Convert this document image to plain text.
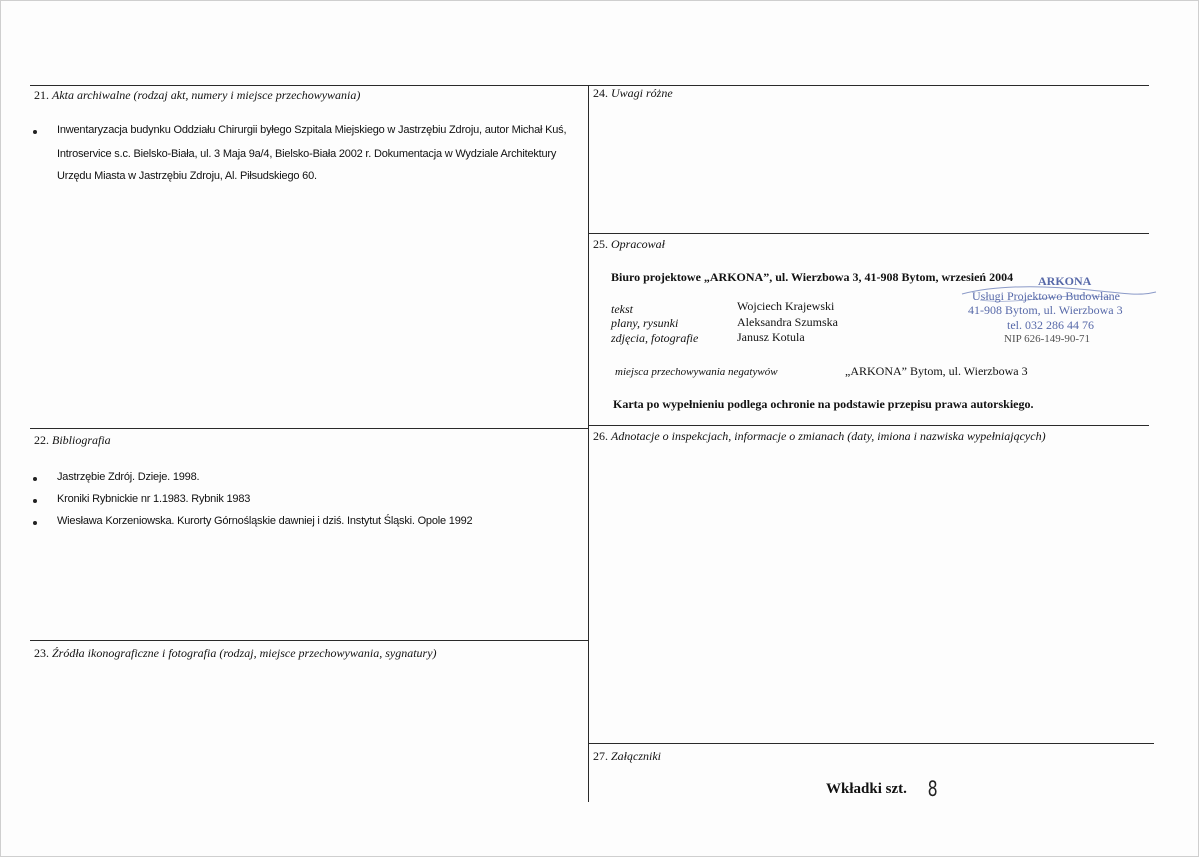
21. Akta archiwalne (rodzaj akt, numery i miejsce przechowywania)
Inwentaryzacja budynku Oddziału Chirurgii byłego Szpitala Miejskiego w Jastrzębiu Zdroju, autor Michał Kuś,
Introservice s.c. Bielsko-Biała, ul. 3 Maja 9a/4, Bielsko-Biała 2002 r. Dokumentacja w Wydziale Architektury
Urzędu Miasta w Jastrzębiu Zdroju, Al. Piłsudskiego 60.
22. Bibliografia
Jastrzębie Zdrój. Dzieje. 1998.
Kroniki Rybnickie nr 1.1983. Rybnik 1983
Wiesława Korzeniowska. Kurorty Górnośląskie dawniej i dziś. Instytut Śląski. Opole 1992
23. Źródła ikonograficzne i fotografia (rodzaj, miejsce przechowywania, sygnatury)
24. Uwagi różne
25. Opracował
Biuro projektowe „ARKONA”, ul. Wierzbowa 3, 41-908 Bytom, wrzesień 2004
tekst	Wojciech Krajewski
plany, rysunki	Aleksandra Szumska
zdjęcia, fotografie	Janusz Kotula
miejsca przechowywania negatywów	„ARKONA” Bytom, ul. Wierzbowa 3
Karta po wypełnieniu podlega ochronie na podstawie przepisu prawa autorskiego.
ARKONA
Usługi Projektowo Budowlane
41-908 Bytom, ul. Wierzbowa 3
tel. 032 286 44 76
NIP 626-149-90-71
26. Adnotacje o inspekcjach, informacje o zmianach (daty, imiona i nazwiska wypełniających)
27. Załączniki
Wkładki szt. 8
